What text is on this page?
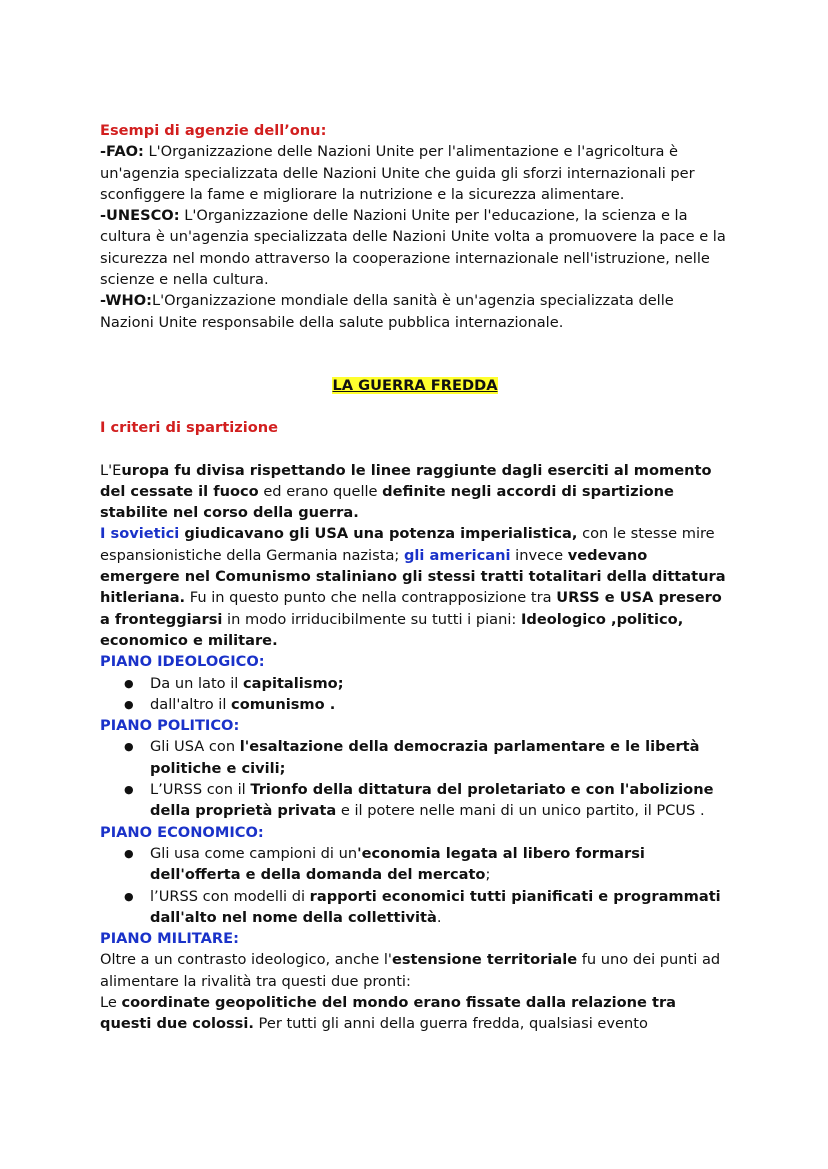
Esempi di agenzie dell’onu:

-FAO: L'Organizzazione delle Nazioni Unite per l'alimentazione e l'agricoltura è un'agenzia specializzata delle Nazioni Unite che guida gli sforzi internazionali per sconfiggere la fame e migliorare la nutrizione e la sicurezza alimentare.

-UNESCO: L'Organizzazione delle Nazioni Unite per l'educazione, la scienza e la cultura è un'agenzia specializzata delle Nazioni Unite volta a promuovere la pace e la sicurezza nel mondo attraverso la cooperazione internazionale nell'istruzione, nelle scienze e nella cultura.

-WHO:L'Organizzazione mondiale della sanità è un'agenzia specializzata delle Nazioni Unite responsabile della salute pubblica internazionale.

LA GUERRA FREDDA

I criteri di spartizione

L'Europa fu divisa rispettando le linee raggiunte dagli eserciti al momento del cessate il fuoco ed erano quelle definite negli accordi di spartizione stabilite nel corso della guerra.

I sovietici giudicavano gli USA una potenza imperialistica, con le stesse mire espansionistiche della Germania nazista; gli americani invece vedevano emergere nel Comunismo staliniano gli stessi tratti totalitari della dittatura hitleriana. Fu in questo punto che nella contrapposizione tra URSS e USA presero a fronteggiarsi in modo irriducibilmente su tutti i piani: Ideologico ,politico, economico e militare.

PIANO IDEOLOGICO:

● Da un lato il capitalismo;
● dall'altro il comunismo .

PIANO POLITICO:

● Gli USA con l'esaltazione della democrazia parlamentare e le libertà politiche e civili;
● L’URSS con il Trionfo della dittatura del proletariato e con l'abolizione della proprietà privata e il potere nelle mani di un unico partito, il PCUS .

PIANO ECONOMICO:

● Gli usa come campioni di un'economia legata al libero formarsi dell'offerta e della domanda del mercato;
● l’URSS con modelli di rapporti economici tutti pianificati e programmati dall'alto nel nome della collettività.

PIANO MILITARE:

Oltre a un contrasto ideologico, anche l'estensione territoriale fu uno dei punti ad alimentare la rivalità tra questi due pronti:

Le coordinate geopolitiche del mondo erano fissate dalla relazione tra questi due colossi. Per tutti gli anni della guerra fredda, qualsiasi evento
